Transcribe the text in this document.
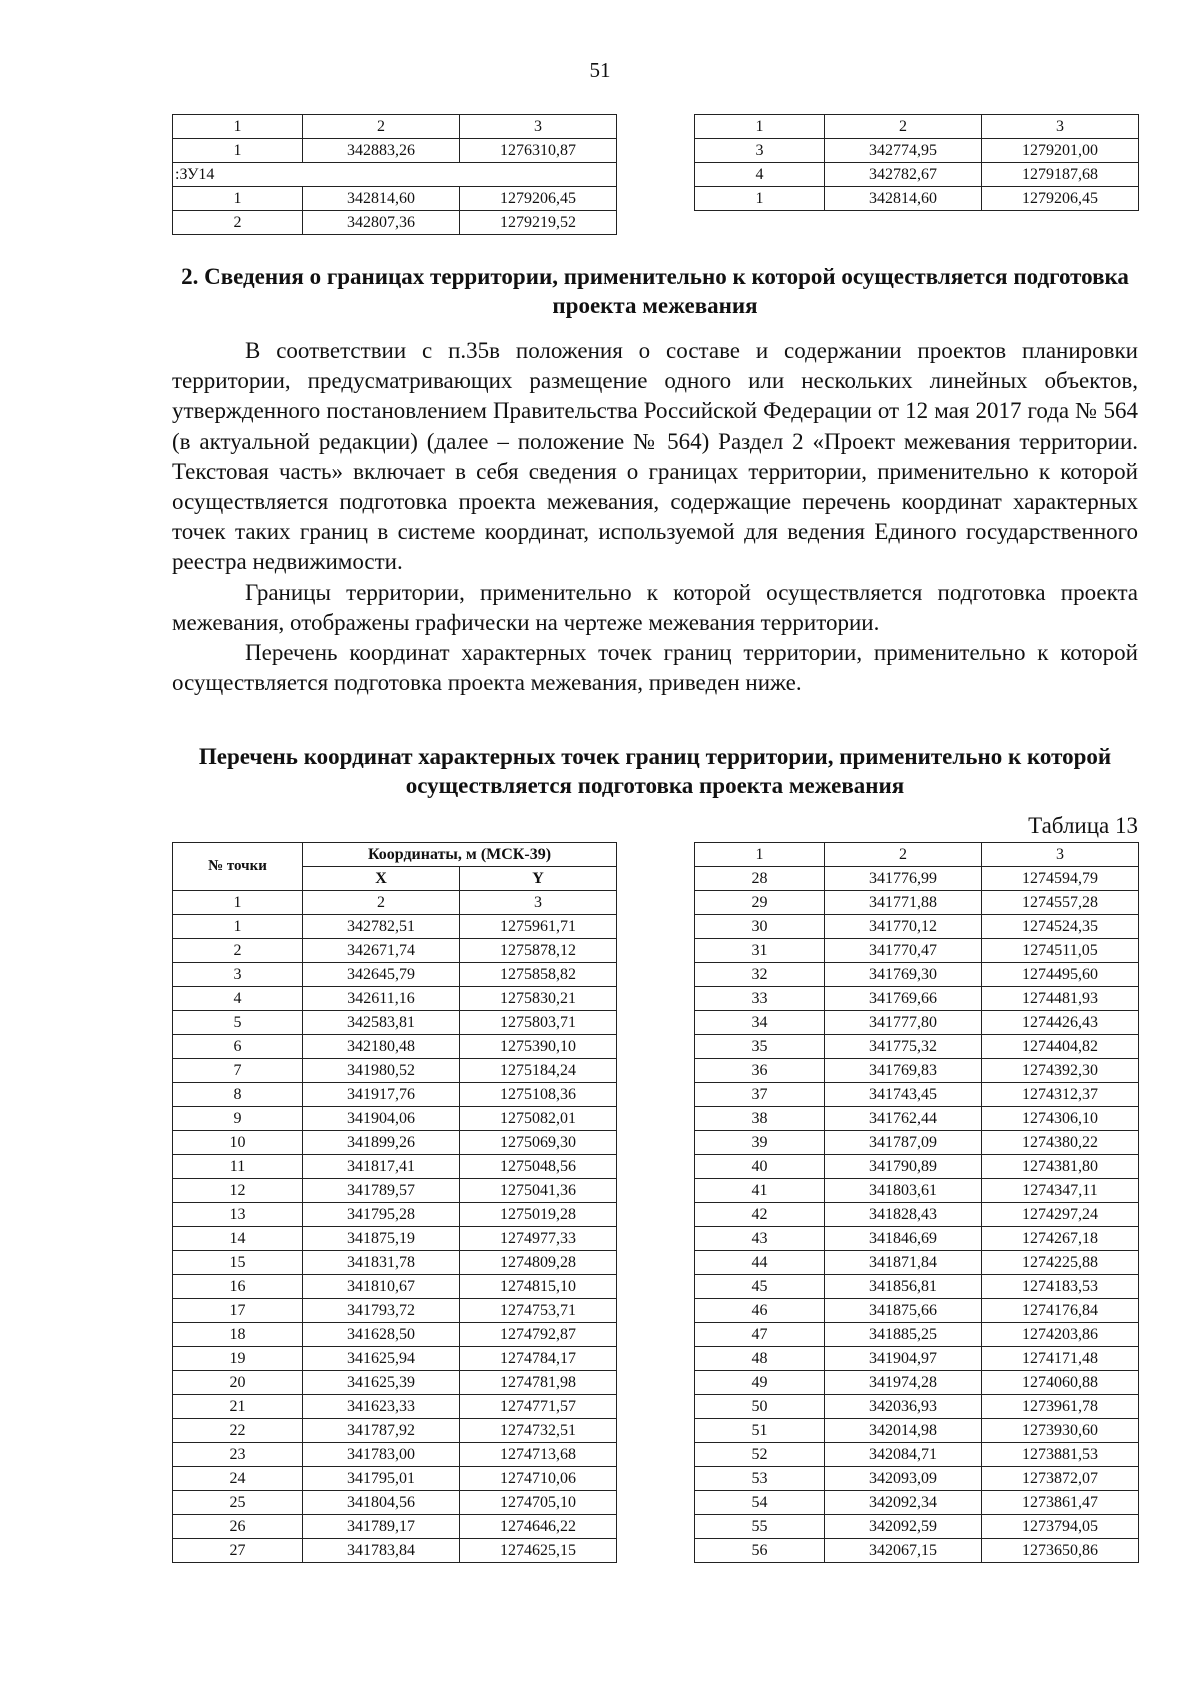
51
1	2	3
1	342883,26	1276310,87
:ЗУ14		
1	342814,60	1279206,45
2	342807,36	1279219,52
1	2	3
3	342774,95	1279201,00
4	342782,67	1279187,68
1	342814,60	1279206,45
2. Сведения о границах территории, применительно к которой осуществляется подготовка проекта межевания

В соответствии с п.35в положения о составе и содержании проектов планировки территории, предусматривающих размещение одного или нескольких линейных объектов, утвержденного постановлением Правительства Российской Федерации от 12 мая 2017 года № 564 (в актуальной редакции) (далее – положение № 564) Раздел 2 «Проект межевания территории. Текстовая часть» включает в себя сведения о границах территории, применительно к которой осуществляется подготовка проекта межевания, содержащие перечень координат характерных точек таких границ в системе координат, используемой для ведения Единого государственного реестра недвижимости.

Границы территории, применительно к которой осуществляется подготовка проекта межевания, отображены графически на чертеже межевания территории.

Перечень координат характерных точек границ территории, применительно к которой осуществляется подготовка проекта межевания, приведен ниже.

Перечень координат характерных точек границ территории, применительно к которой осуществляется подготовка проекта межевания
Таблица 13
№ точки	Координаты, м (МСК-39)	
	X	Y
1	2	3
1	342782,51	1275961,71
2	342671,74	1275878,12
3	342645,79	1275858,82
4	342611,16	1275830,21
5	342583,81	1275803,71
6	342180,48	1275390,10
7	341980,52	1275184,24
8	341917,76	1275108,36
9	341904,06	1275082,01
10	341899,26	1275069,30
11	341817,41	1275048,56
12	341789,57	1275041,36
13	341795,28	1275019,28
14	341875,19	1274977,33
15	341831,78	1274809,28
16	341810,67	1274815,10
17	341793,72	1274753,71
18	341628,50	1274792,87
19	341625,94	1274784,17
20	341625,39	1274781,98
21	341623,33	1274771,57
22	341787,92	1274732,51
23	341783,00	1274713,68
24	341795,01	1274710,06
25	341804,56	1274705,10
26	341789,17	1274646,22
27	341783,84	1274625,15
1	2	3
28	341776,99	1274594,79
29	341771,88	1274557,28
30	341770,12	1274524,35
31	341770,47	1274511,05
32	341769,30	1274495,60
33	341769,66	1274481,93
34	341777,80	1274426,43
35	341775,32	1274404,82
36	341769,83	1274392,30
37	341743,45	1274312,37
38	341762,44	1274306,10
39	341787,09	1274380,22
40	341790,89	1274381,80
41	341803,61	1274347,11
42	341828,43	1274297,24
43	341846,69	1274267,18
44	341871,84	1274225,88
45	341856,81	1274183,53
46	341875,66	1274176,84
47	341885,25	1274203,86
48	341904,97	1274171,48
49	341974,28	1274060,88
50	342036,93	1273961,78
51	342014,98	1273930,60
52	342084,71	1273881,53
53	342093,09	1273872,07
54	342092,34	1273861,47
55	342092,59	1273794,05
56	342067,15	1273650,86
